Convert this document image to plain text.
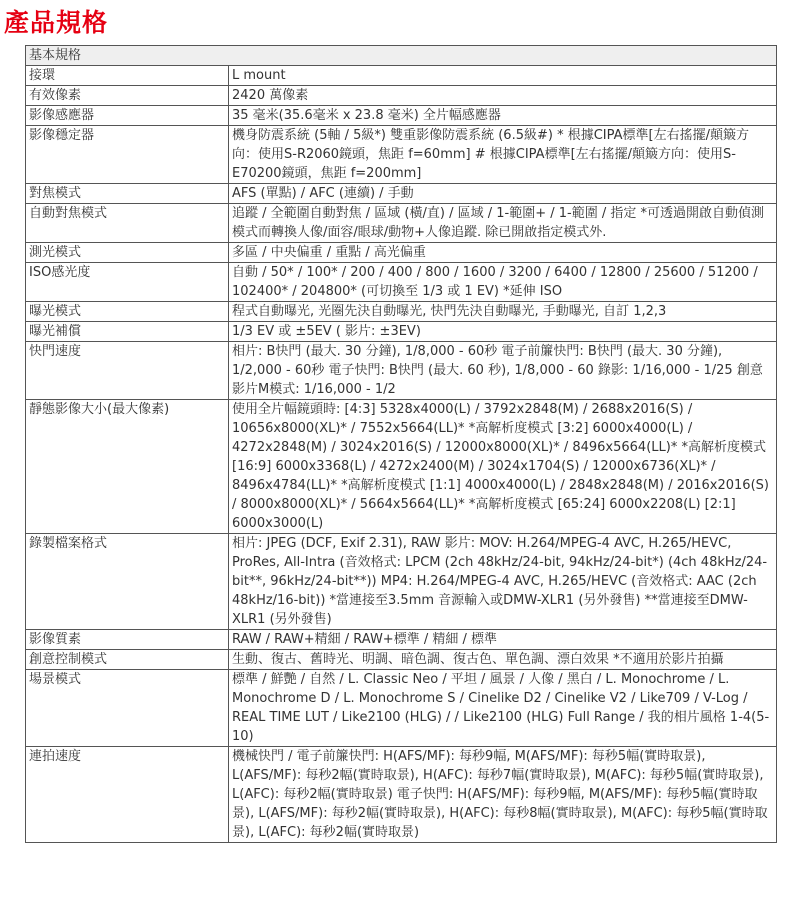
產品規格
基本規格	
接環	L mount
有效像素	2420 萬像素
影像感應器	35 毫米(35.6毫米 x 23.8 毫米) 全片幅感應器
影像穩定器	機身防震系統 (5軸 / 5級*) 雙重影像防震系統 (6.5級#) * 根據CIPA標準[左右搖擺/顛簸方向：使用S-R2060鏡頭，焦距 f=60mm] # 根據CIPA標準[左右搖擺/顛簸方向：使用S-E70200鏡頭，焦距 f=200mm]
對焦模式	AFS (單點) / AFC (連續) / 手動
自動對焦模式	追蹤 / 全範圍自動對焦 / 區域 (橫/直) / 區域 / 1-範圍+ / 1-範圍 / 指定 *可透過開啟自動偵測模式而轉換人像/面容/眼球/動物+人像追蹤. 除已開啟指定模式外.
測光模式	多區 / 中央偏重 / 重點 / 高光偏重
ISO感光度	自動 / 50* / 100* / 200 / 400 / 800 / 1600 / 3200 / 6400 / 12800 / 25600 / 51200 / 102400* / 204800* (可切換至 1/3 或 1 EV) *延伸 ISO
曝光模式	程式自動曝光, 光圈先決自動曝光, 快門先決自動曝光, 手動曝光, 自訂 1,2,3
曝光補償	1/3 EV 或 ±5EV ( 影片: ±3EV)
快門速度	相片: B快門 (最大. 30 分鐘), 1/8,000 - 60秒 電子前簾快門: B快門 (最大. 30 分鐘), 1/2,000 - 60秒 電子快門: B快門 (最大. 60 秒), 1/8,000 - 60 錄影: 1/16,000 - 1/25 創意影片M模式: 1/16,000 - 1/2
靜態影像大小(最大像素)	使用全片幅鏡頭時: [4:3] 5328x4000(L) / 3792x2848(M) / 2688x2016(S) / 10656x8000(XL)* / 7552x5664(LL)* *高解析度模式 [3:2] 6000x4000(L) / 4272x2848(M) / 3024x2016(S) / 12000x8000(XL)* / 8496x5664(LL)* *高解析度模式 [16:9] 6000x3368(L) / 4272x2400(M) / 3024x1704(S) / 12000x6736(XL)* / 8496x4784(LL)* *高解析度模式 [1:1] 4000x4000(L) / 2848x2848(M) / 2016x2016(S) / 8000x8000(XL)* / 5664x5664(LL)* *高解析度模式 [65:24] 6000x2208(L) [2:1] 6000x3000(L)
錄製檔案格式	相片: JPEG (DCF, Exif 2.31), RAW 影片: MOV: H.264/MPEG-4 AVC, H.265/HEVC, ProRes, All-Intra (音效格式: LPCM (2ch 48kHz/24-bit, 94kHz/24-bit*) (4ch 48kHz/24-bit**, 96kHz/24-bit**)) MP4: H.264/MPEG-4 AVC, H.265/HEVC (音效格式: AAC (2ch 48kHz/16-bit)) *當連接至3.5mm 音源輸入或DMW-XLR1 (另外發售) **當連接至DMW-XLR1 (另外發售)
影像質素	RAW / RAW+精細 / RAW+標準 / 精細 / 標準
創意控制模式	生動、復古、舊時光、明調、暗色調、復古色、單色調、漂白效果 *不適用於影片拍攝
場景模式	標準 / 鮮艷 / 自然 / L. Classic Neo / 平坦 / 風景 / 人像 / 黑白 / L. Monochrome / L. Monochrome D / L. Monochrome S / Cinelike D2 / Cinelike V2 / Like709 / V-Log / REAL TIME LUT / Like2100 (HLG) / / Like2100 (HLG) Full Range / 我的相片風格 1-4(5-10)
連拍速度	機械快門 / 電子前簾快門: H(AFS/MF): 每秒9幅, M(AFS/MF): 每秒5幅(實時取景), L(AFS/MF): 每秒2幅(實時取景), H(AFC): 每秒7幅(實時取景), M(AFC): 每秒5幅(實時取景), L(AFC): 每秒2幅(實時取景) 電子快門: H(AFS/MF): 每秒9幅, M(AFS/MF): 每秒5幅(實時取景), L(AFS/MF): 每秒2幅(實時取景), H(AFC): 每秒8幅(實時取景), M(AFC): 每秒5幅(實時取景), L(AFC): 每秒2幅(實時取景)
